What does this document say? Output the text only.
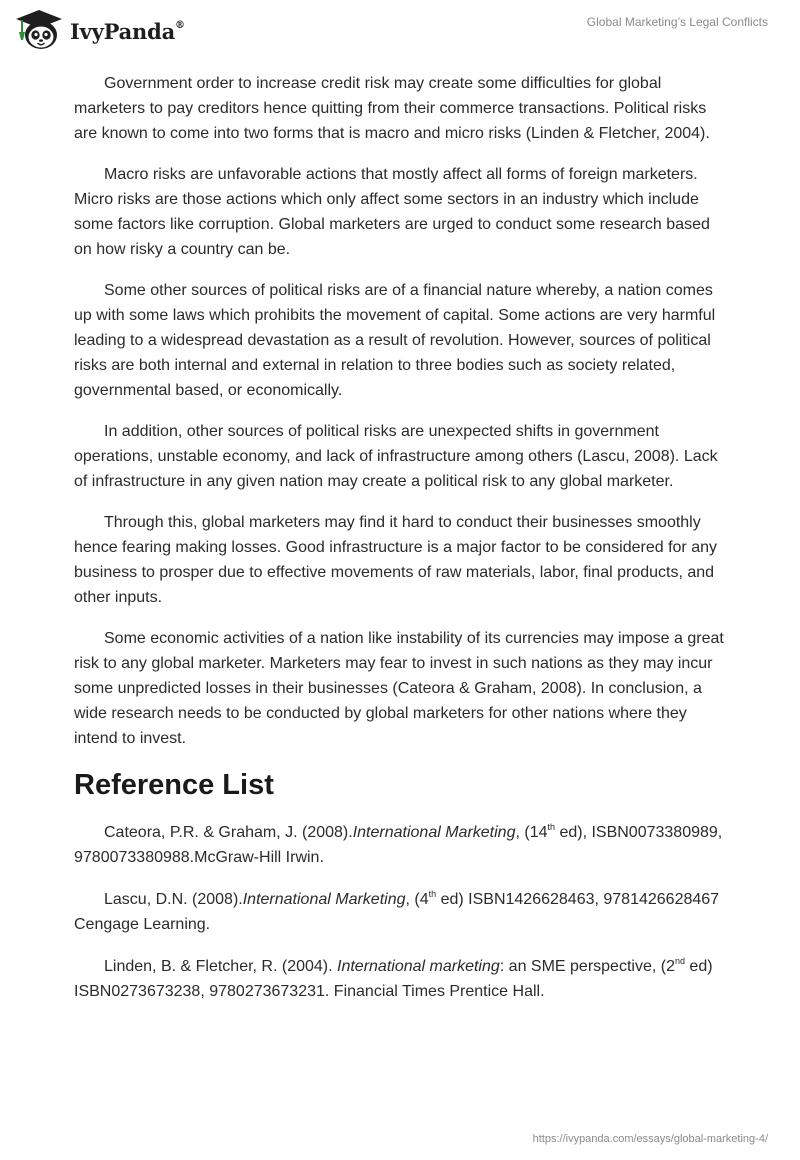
IvyPanda®	Global Marketing’s Legal Conflicts

Government order to increase credit risk may create some difficulties for global marketers to pay creditors hence quitting from their commerce transactions. Political risks are known to come into two forms that is macro and micro risks (Linden & Fletcher, 2004).

Macro risks are unfavorable actions that mostly affect all forms of foreign marketers. Micro risks are those actions which only affect some sectors in an industry which include some factors like corruption. Global marketers are urged to conduct some research based on how risky a country can be.

Some other sources of political risks are of a financial nature whereby, a nation comes up with some laws which prohibits the movement of capital. Some actions are very harmful leading to a widespread devastation as a result of revolution. However, sources of political risks are both internal and external in relation to three bodies such as society related, governmental based, or economically.

In addition, other sources of political risks are unexpected shifts in government operations, unstable economy, and lack of infrastructure among others (Lascu, 2008). Lack of infrastructure in any given nation may create a political risk to any global marketer.

Through this, global marketers may find it hard to conduct their businesses smoothly hence fearing making losses. Good infrastructure is a major factor to be considered for any business to prosper due to effective movements of raw materials, labor, final products, and other inputs.

Some economic activities of a nation like instability of its currencies may impose a great risk to any global marketer. Marketers may fear to invest in such nations as they may incur some unpredicted losses in their businesses (Cateora & Graham, 2008). In conclusion, a wide research needs to be conducted by global marketers for other nations where they intend to invest.

Reference List

Cateora, P.R. & Graham, J. (2008).International Marketing, (14th ed), ISBN0073380989, 9780073380988.McGraw-Hill Irwin.

Lascu, D.N. (2008).International Marketing, (4th ed) ISBN1426628463, 9781426628467 Cengage Learning.

Linden, B. & Fletcher, R. (2004). International marketing: an SME perspective, (2nd ed) ISBN0273673238, 9780273673231. Financial Times Prentice Hall.

https://ivypanda.com/essays/global-marketing-4/
